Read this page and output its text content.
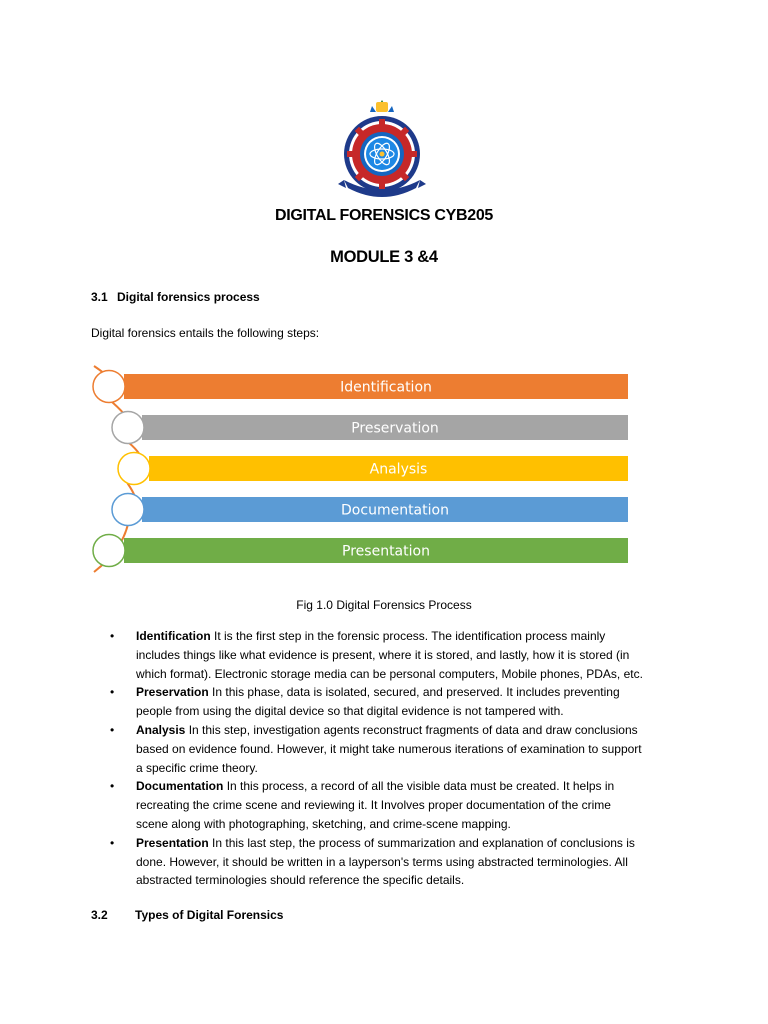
DIGITAL FORENSICS CYB205
MODULE 3 &4
3.1 Digital forensics process
Digital forensics entails the following steps:
Identification
Preservation
Analysis
Documentation
Presentation
Fig 1.0 Digital Forensics Process
• Identification It is the first step in the forensic process. The identification process mainly
includes things like what evidence is present, where it is stored, and lastly, how it is stored (in
which format). Electronic storage media can be personal computers, Mobile phones, PDAs, etc.
• Preservation In this phase, data is isolated, secured, and preserved. It includes preventing
people from using the digital device so that digital evidence is not tampered with.
• Analysis In this step, investigation agents reconstruct fragments of data and draw conclusions
based on evidence found. However, it might take numerous iterations of examination to support
a specific crime theory.
• Documentation In this process, a record of all the visible data must be created. It helps in
recreating the crime scene and reviewing it. It Involves proper documentation of the crime
scene along with photographing, sketching, and crime-scene mapping.
• Presentation In this last step, the process of summarization and explanation of conclusions is
done. However, it should be written in a layperson's terms using abstracted terminologies. All
abstracted terminologies should reference the specific details.
3.2 Types of Digital Forensics
